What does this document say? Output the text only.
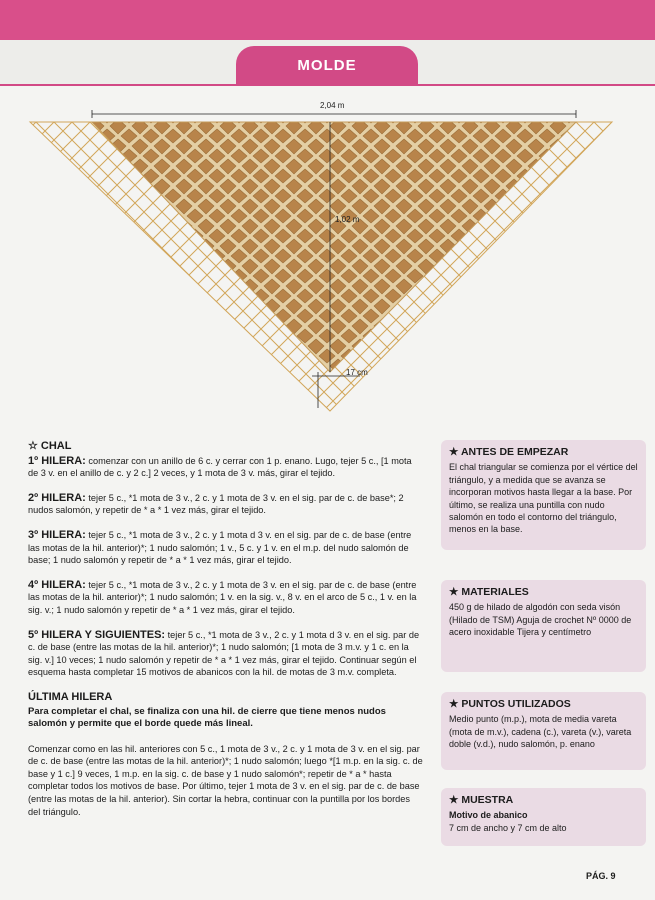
MOLDE
2,04 m
1,02 m
17 cm
☆ CHAL

1º HILERA: comenzar con un anillo de 6 c. y cerrar con 1 p. enano. Lugo, tejer 5 c., [1 mota de 3 v. en el anillo de c. y 2 c.] 2 veces, y 1 mota de 3 v. más, girar el tejido.

2º HILERA: tejer 5 c., *1 mota de 3 v., 2 c. y 1 mota de 3 v. en el sig. par de c. de base*; 2 nudos salomón, y repetir de * a * 1 vez más, girar el tejido.

3º HILERA: tejer 5 c., *1 mota de 3 v., 2 c. y 1 mota d 3 v. en el sig. par de c. de base (entre las motas de la hil. anterior)*; 1 nudo salomón; 1 v., 5 c. y 1 v. en el m.p. del nudo salomón de base; 1 nudo salomón y repetir de * a * 1 vez más, girar el tejido.

4º HILERA: tejer 5 c., *1 mota de 3 v., 2 c. y 1 mota de 3 v. en el sig. par de c. de base (entre las motas de la hil. anterior)*; 1 nudo salomón; 1 v. en la sig. v., 8 v. en el arco de 5 c., 1 v. en la sig. v.; 1 nudo salomón y repetir de * a * 1 vez más, girar el tejido.

5º HILERA Y SIGUIENTES: tejer 5 c., *1 mota de 3 v., 2 c. y 1 mota d 3 v. en el sig. par de c. de base (entre las motas de la hil. anterior)*; 1 nudo salomón; [1 mota de 3 m.v. y 1 c. en la sig. v.] 10 veces; 1 nudo salomón y repetir de * a * 1 vez más, girar el tejido. Continuar según el esquema hasta completar 15 motivos de abanicos con la hil. de motas de 3 m.v. completa.

ÚLTIMA HILERA

Para completar el chal, se finaliza con una hil. de cierre que tiene menos nudos salomón y permite que el borde quede más lineal.

Comenzar como en las hil. anteriores con 5 c., 1 mota de 3 v., 2 c. y 1 mota de 3 v. en el sig. par de c. de base (entre las motas de la hil. anterior)*; 1 nudo salomón; luego *[1 m.p. en la sig. c. de base y 1 c.] 9 veces, 1 m.p. en la sig. c. de base y 1 nudo salomón*; repetir de * a * hasta completar todos los motivos de base. Por último, tejer 1 mota de 3 v. en el sig. par de c. de base (entre las motas de la hil. anterior). Sin cortar la hebra, continuar con la puntilla por los bordes del triángulo.

★ ANTES DE EMPEZAR
El chal triangular se comienza por el vértice del triángulo, y a medida que se avanza se incorporan motivos hasta llegar a la base. Por último, se realiza una puntilla con nudo salomón en todo el contorno del triángulo, menos en la base.
★ MATERIALES
450 g de hilado de algodón con seda visón (Hilado de TSM) Aguja de crochet Nº 0000 de acero inoxidable Tijera y centímetro
★ PUNTOS UTILIZADOS
Medio punto (m.p.), mota de media vareta (mota de m.v.), cadena (c.), vareta (v.), vareta doble (v.d.), nudo salomón, p. enano
★ MUESTRA
Motivo de abanico
7 cm de ancho y 7 cm de alto
PÁG. 9
